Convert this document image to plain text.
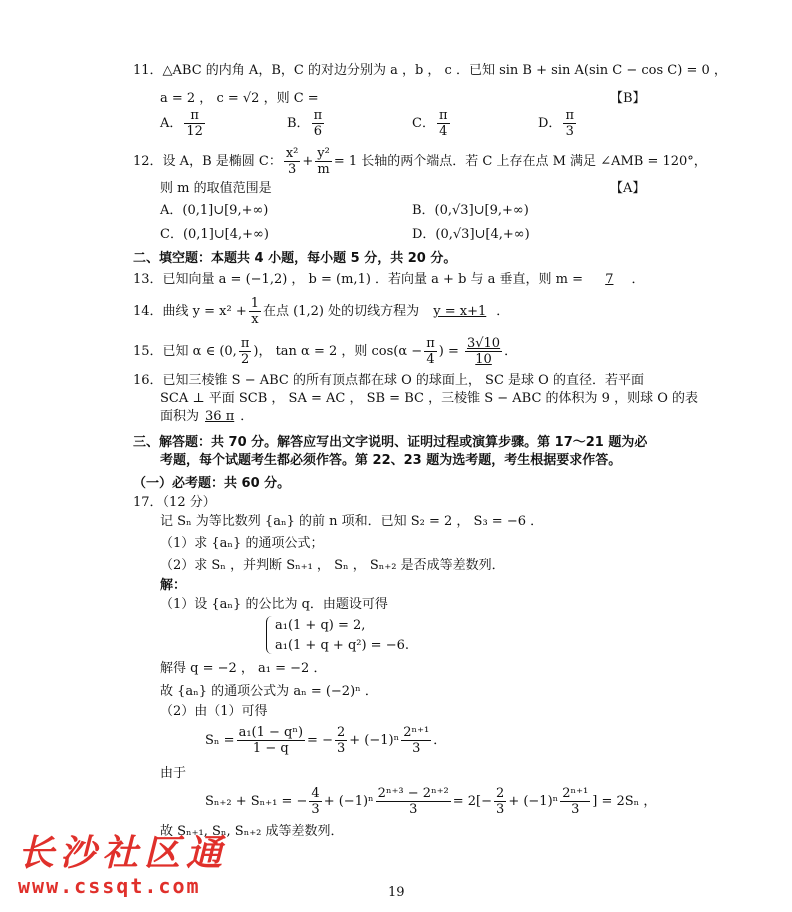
11．△ABC 的内角 A，B，C 的对边分别为 a ，b ， c ．已知 sin B + sin A(sin C − cos C) = 0 ，
a = 2 ， c = √2 ，则 C =	【B】
A． $\frac{\pi}{12}$	B． $\frac{\pi}{6}$	C． $\frac{\pi}{4}$	D． $\frac{\pi}{3}$
12．设 A，B 是椭圆 C： $\frac{\text{x²}}{3} + \frac{\text{y²}}{m} = 1$ 长轴的两个端点．若 C 上存在点 M 满足 ∠AMB = 120°，
则 m 的取值范围是	【A】
A．(0,1]∪[9,+∞)	B．(0,√3]∪[9,+∞)
C．(0,1]∪[4,+∞)	D．(0,√3]∪[4,+∞)
二、填空题：本题共 4 小题，每小题 5 分，共 20 分。
13．已知向量 a = (−1,2) ， b = (m,1) ．若向量 a + b 与 a 垂直，则 m = 7 ．
14．曲线 $y = x^2 + \frac{1}{x}$ 在点 (1,2) 处的切线方程为 y = x+1 ．
15．已知 α ∈ (0, $\frac{\pi}{2}$ )， tan α = 2 ，则 $\cos(\alpha - \frac{\pi}{4}$ ) = $\frac{3√10}{10}$ ．
16．已知三棱锥 S − ABC 的所有顶点都在球 O 的球面上， SC 是球 O 的直径．若平面
SCA ⊥ 平面 SCB ， SA = AC ， SB = BC ，三棱锥 S − ABC 的体积为 9 ，则球 O 的表
面积为 36 π ．
三、解答题：共 70 分。解答应写出文字说明、证明过程或演算步骤。第 17～21 题为必
考题，每个试题考生都必须作答。第 22、23 题为选考题，考生根据要求作答。
（一）必考题：共 60 分。
17．（12 分）
记 Sₙ 为等比数列 {aₙ} 的前 n 项和．已知 S₂ = 2 ， S₃ = −6 ．
（1）求 {aₙ} 的通项公式；
（2）求 Sₙ ，并判断 Sₙ₊₁ ， Sₙ ， Sₙ₊₂ 是否成等差数列．
解：
（1）设 {aₙ} 的公比为 q．由题设可得
a₁(1 + q) = 2,
a₁(1 + q + q²) = −6.
解得 q = −2 ， a₁ = −2 ．
故 {aₙ} 的通项公式为 aₙ = (−2)ⁿ ．
（2）由（1）可得
$S_n = \frac{\text{a₁(1 − qⁿ)}}{1 - q}$ = − $\frac{2}{3} + (-1)^n \frac{\text{2ⁿ⁺¹}}{3}$ ．
由于
Sₙ₊₂ + Sₙ₊₁ = − $\frac{4}{3} + (-1)^n \frac{\text{2ⁿ⁺³ − 2ⁿ⁺²}}{3} = 2[- \frac{2}{3} + (-1)^n \frac{\text{2ⁿ⁺¹}}{3}$ ] = 2Sₙ ，
故 Sₙ₊₁, Sₙ, Sₙ₊₂ 成等差数列．
长沙社区通
www.cssqt.com	19
